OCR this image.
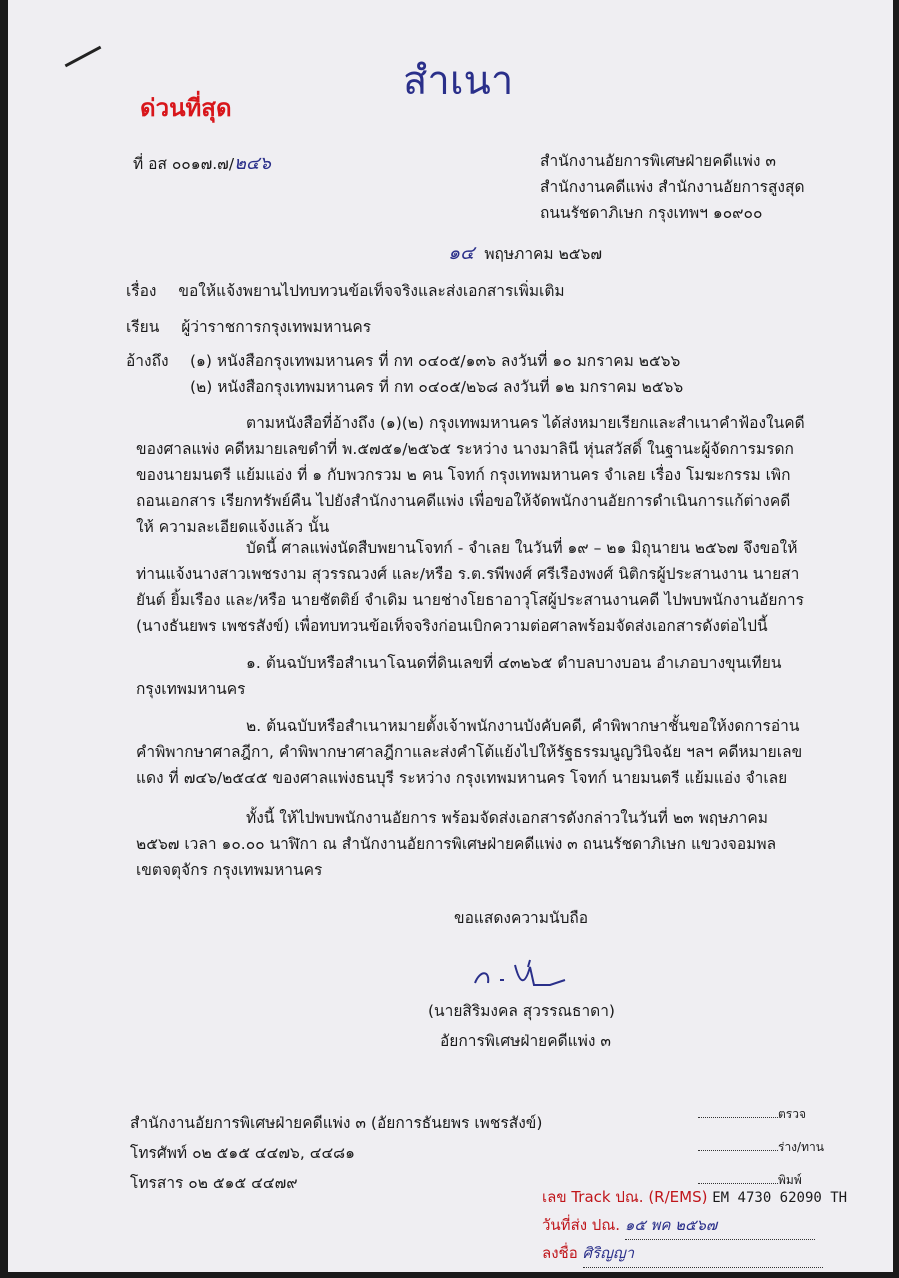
สำเนา
ด่วนที่สุด
ที่ อส ๐๐๑๗.๗/๒๔๖	สำนักงานอัยการพิเศษฝ่ายคดีแพ่ง ๓
สำนักงานคดีแพ่ง สำนักงานอัยการสูงสุด
ถนนรัชดาภิเษก กรุงเทพฯ ๑๐๙๐๐
๑๔ พฤษภาคม ๒๕๖๗
เรื่อง ขอให้แจ้งพยานไปทบทวนข้อเท็จจริงและส่งเอกสารเพิ่มเติม
เรียน ผู้ว่าราชการกรุงเทพมหานคร
อ้างถึง (๑) หนังสือกรุงเทพมหานคร ที่ กท ๐๔๐๕/๑๓๖ ลงวันที่ ๑๐ มกราคม ๒๕๖๖
(๒) หนังสือกรุงเทพมหานคร ที่ กท ๐๔๐๕/๒๖๘ ลงวันที่ ๑๒ มกราคม ๒๕๖๖

ตามหนังสือที่อ้างถึง (๑)(๒) กรุงเทพมหานคร ได้ส่งหมายเรียกและสำเนาคำฟ้องในคดีของศาลแพ่ง คดีหมายเลขดำที่ พ.๕๗๕๑/๒๕๖๕ ระหว่าง นางมาลินี หุ่นสวัสดิ์ ในฐานะผู้จัดการมรดกของนายมนตรี แย้มแอ่ง ที่ ๑ กับพวกรวม ๒ คน โจทก์ กรุงเทพมหานคร จำเลย เรื่อง โมฆะกรรม เพิกถอนเอกสาร เรียกทรัพย์คืน ไปยังสำนักงานคดีแพ่ง เพื่อขอให้จัดพนักงานอัยการดำเนินการแก้ต่างคดีให้ ความละเอียดแจ้งแล้ว นั้น

บัดนี้ ศาลแพ่งนัดสืบพยานโจทก์ - จำเลย ในวันที่ ๑๙ – ๒๑ มิถุนายน ๒๕๖๗ จึงขอให้ท่านแจ้งนางสาวเพชรงาม สุวรรณวงศ์ และ/หรือ ร.ต.รพีพงศ์ ศรีเรืองพงศ์ นิติกรผู้ประสานงาน นายสายันต์ ยิ้มเรือง และ/หรือ นายชัตติย์ จำเดิม นายช่างโยธาอาวุโสผู้ประสานงานคดี ไปพบพนักงานอัยการ (นางธันยพร เพชรสังข์) เพื่อทบทวนข้อเท็จจริงก่อนเบิกความต่อศาลพร้อมจัดส่งเอกสารดังต่อไปนี้

๑. ต้นฉบับหรือสำเนาโฉนดที่ดินเลขที่ ๔๓๒๖๕ ตำบลบางบอน อำเภอบางขุนเทียน กรุงเทพมหานคร

๒. ต้นฉบับหรือสำเนาหมายตั้งเจ้าพนักงานบังคับคดี, คำพิพากษาชั้นขอให้งดการอ่านคำพิพากษาศาลฎีกา, คำพิพากษาศาลฎีกาและส่งคำโต้แย้งไปให้รัฐธรรมนูญวินิจฉัย ฯลฯ คดีหมายเลขแดง ที่ ๗๔๖/๒๕๔๕ ของศาลแพ่งธนบุรี ระหว่าง กรุงเทพมหานคร โจทก์ นายมนตรี แย้มแอ่ง จำเลย

ทั้งนี้ ให้ไปพบพนักงานอัยการ พร้อมจัดส่งเอกสารดังกล่าวในวันที่ ๒๓ พฤษภาคม ๒๕๖๗ เวลา ๑๐.๐๐ นาฬิกา ณ สำนักงานอัยการพิเศษฝ่ายคดีแพ่ง ๓ ถนนรัชดาภิเษก แขวงจอมพล เขตจตุจักร กรุงเทพมหานคร

ขอแสดงความนับถือ
(นายสิริมงคล สุวรรณธาดา)
อัยการพิเศษฝ่ายคดีแพ่ง ๓
สำนักงานอัยการพิเศษฝ่ายคดีแพ่ง ๓ (อัยการธันยพร เพชรสังข์)
โทรศัพท์ ๐๒ ๕๑๕ ๔๔๗๖, ๔๔๘๑
โทรสาร ๐๒ ๕๑๕ ๔๔๗๙
ตรวจ
ร่าง/ทาน
พิมพ์
เลข Track ปณ. (R/EMS) EM 4730 62090 TH
วันที่ส่ง ปณ. ๑๕ พค ๒๕๖๗
ลงชื่อ ศิริญญา
